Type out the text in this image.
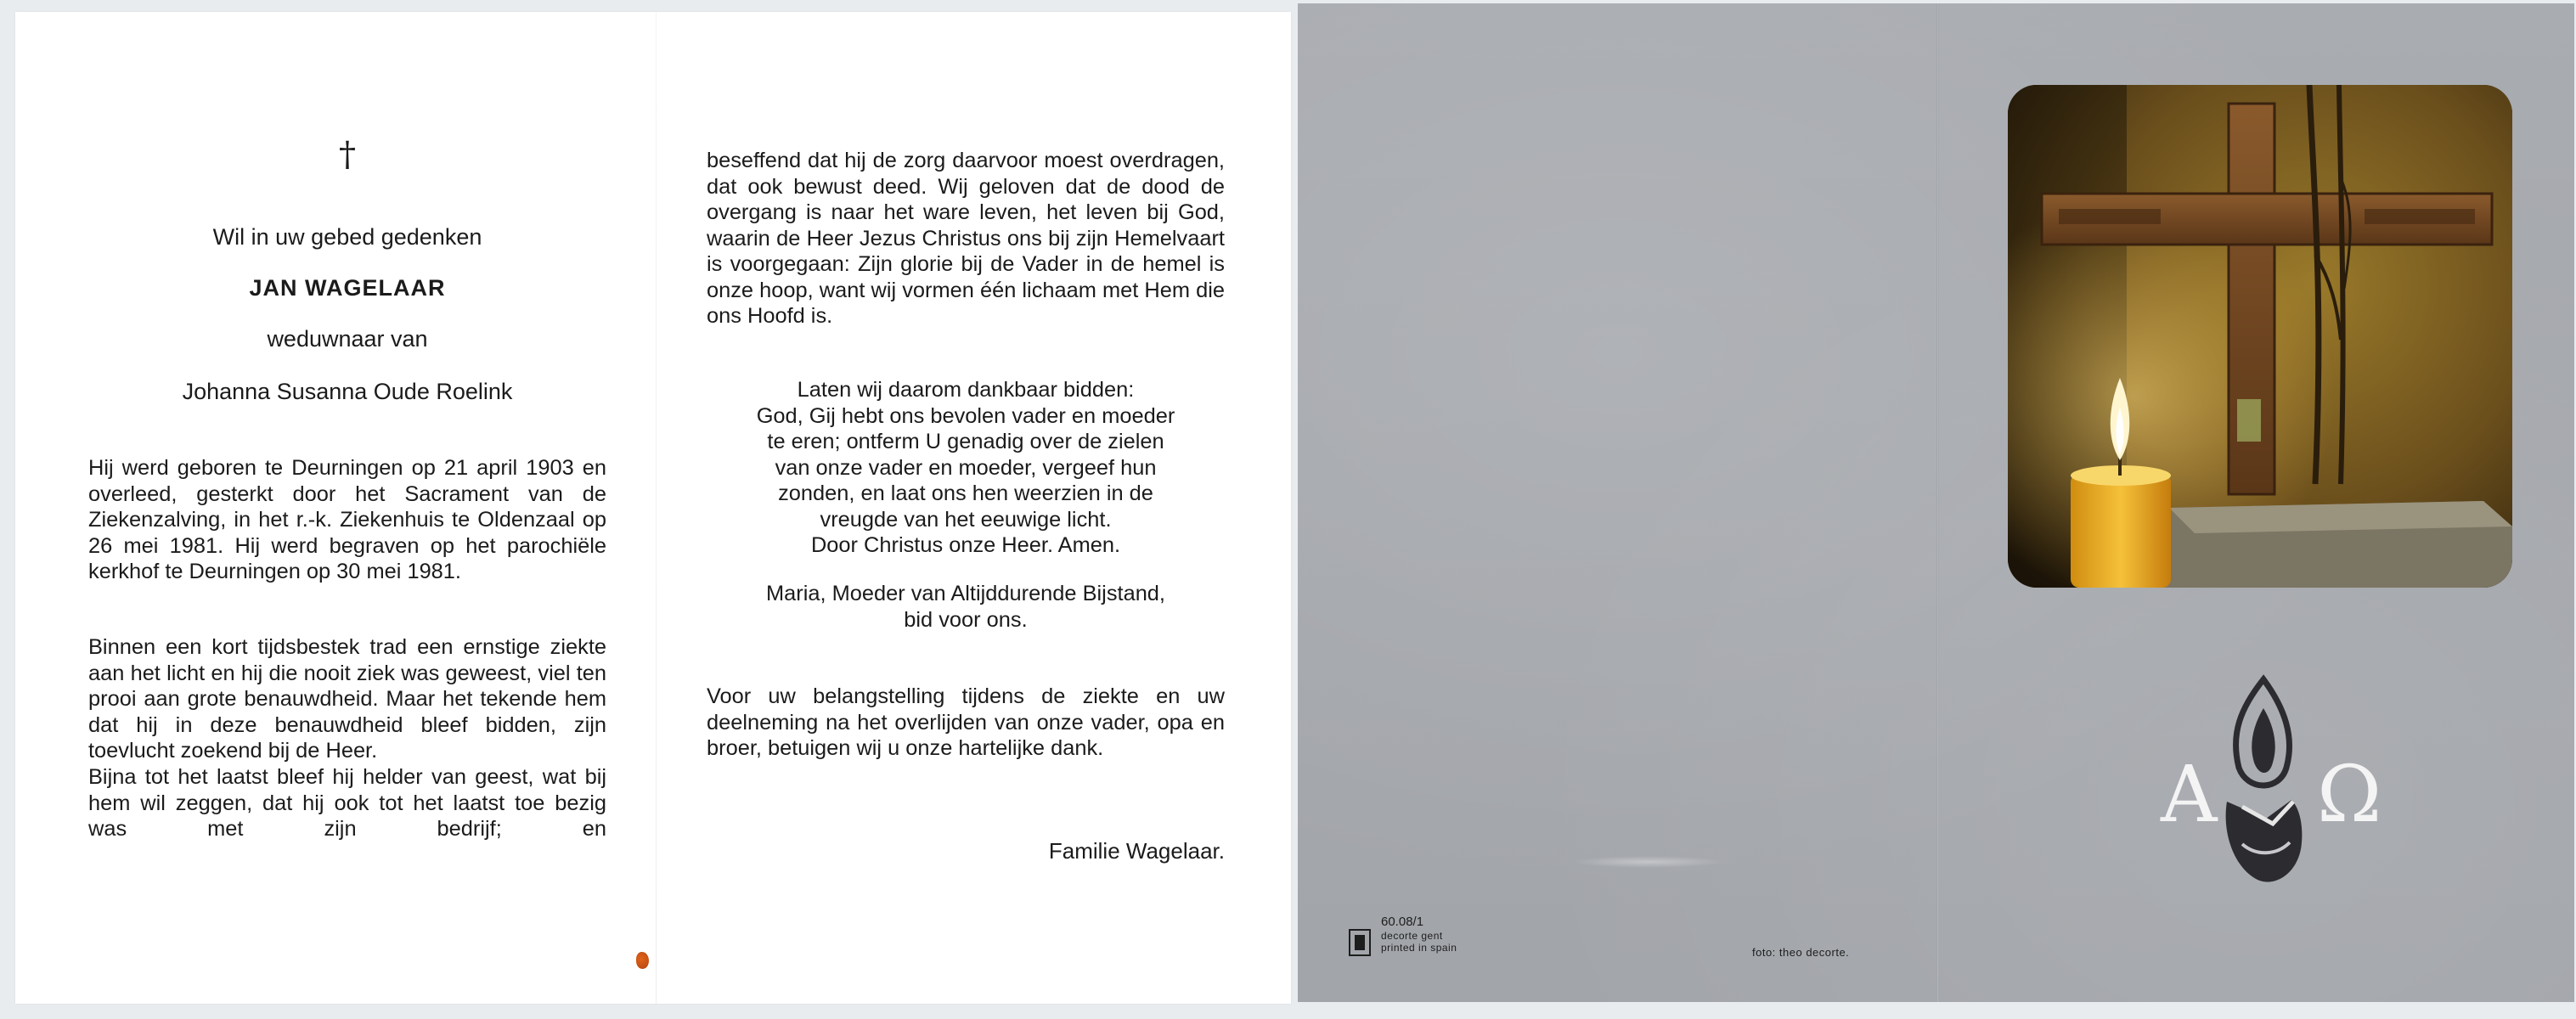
†
Wil in uw gebed gedenken
JAN WAGELAAR
weduwnaar van
Johanna Susanna Oude Roelink

Hij werd geboren te Deurningen op 21 april 1903 en overleed, gesterkt door het Sacrament van de Ziekenzalving, in het r.-k. Ziekenhuis te Oldenzaal op 26 mei 1981. Hij werd begraven op het parochiële kerkhof te Deurningen op 30 mei 1981.

Binnen een kort tijdsbestek trad een ernstige ziekte aan het licht en hij die nooit ziek was geweest, viel ten prooi aan grote benauwdheid. Maar het tekende hem dat hij in deze benauwdheid bleef bidden, zijn toevlucht zoekend bij de Heer.

Bijna tot het laatst bleef hij helder van geest, wat bij hem wil zeggen, dat hij ook tot het laatst toe bezig was met zijn bedrijf; en

beseffend dat hij de zorg daarvoor moest overdragen, dat ook bewust deed. Wij geloven dat de dood de overgang is naar het ware leven, het leven bij God, waarin de Heer Jezus Christus ons bij zijn Hemelvaart is voorgegaan: Zijn glorie bij de Vader in de hemel is onze hoop, want wij vormen één lichaam met Hem die ons Hoofd is.

Laten wij daarom dankbaar bidden:
God, Gij hebt ons bevolen vader en moeder
te eren; ontferm U genadig over de zielen
van onze vader en moeder, vergeef hun
zonden, en laat ons hen weerzien in de
vreugde van het eeuwige licht.
Door Christus onze Heer. Amen.
Maria, Moeder van Altijddurende Bijstand,
bid voor ons.

Voor uw belangstelling tijdens de ziekte en uw deelneming na het overlijden van onze vader, opa en broer, betuigen wij u onze hartelijke dank.

Familie Wagelaar.
A Ω
60.08/1
decorte gent
printed in spain	foto: theo decorte.
